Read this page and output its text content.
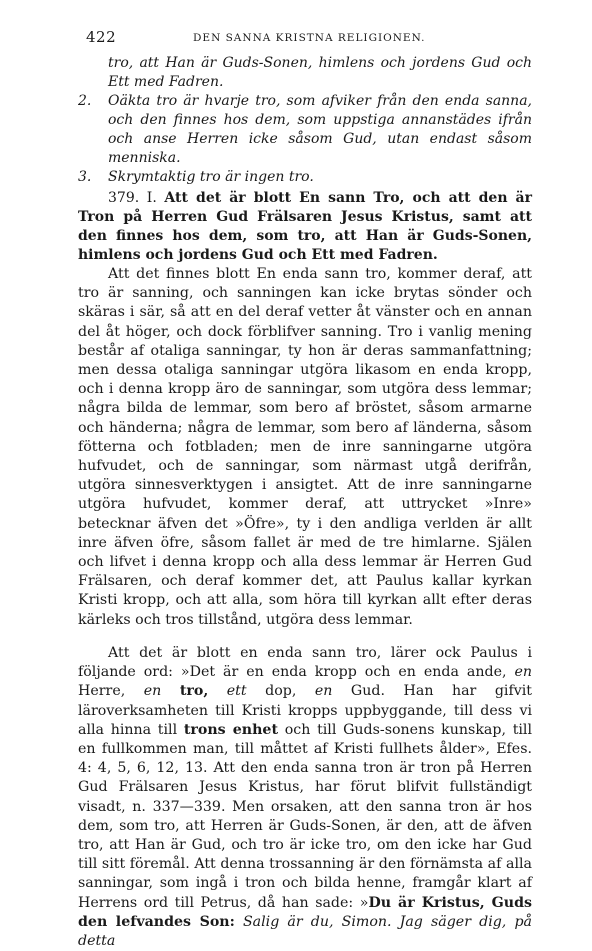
422	DEN SANNA KRISTNA RELIGIONEN.
tro, att Han är Guds-Sonen, himlens och jordens Gud och Ett med Fadren.
2. Oäkta tro är hvarje tro, som afviker från den enda sanna, och den finnes hos dem, som uppstiga annanstädes ifrån och anse Herren icke såsom Gud, utan endast såsom menniska.
3. Skrymtaktig tro är ingen tro.
379. I. Att det är blott En sann Tro, och att den är Tron på Herren Gud Frälsaren Jesus Kristus, samt att den finnes hos dem, som tro, att Han är Guds-Sonen, himlens och jordens Gud och Ett med Fadren.

Att det finnes blott En enda sann tro, kommer deraf, att tro är sanning, och sanningen kan icke brytas sönder och skäras i sär, så att en del deraf vetter åt vänster och en annan del åt höger, och dock förblifver sanning. Tro i vanlig mening består af otaliga sanningar, ty hon är deras sammanfattning; men dessa otaliga sanningar utgöra likasom en enda kropp, och i denna kropp äro de sanningar, som utgöra dess lemmar; några bilda de lemmar, som bero af bröstet, såsom armarne och händerna; några de lemmar, som bero af länderna, såsom fötterna och fotbladen; men de inre sanningarne utgöra hufvudet, och de sanningar, som närmast utgå derifrån, utgöra sinnesverktygen i ansigtet. Att de inre sanningarne utgöra hufvudet, kommer deraf, att uttrycket »Inre» betecknar äfven det »Öfre», ty i den andliga verlden är allt inre äfven öfre, såsom fallet är med de tre himlarne. Själen och lifvet i denna kropp och alla dess lemmar är Herren Gud Frälsaren, och deraf kommer det, att Paulus kallar kyrkan Kristi kropp, och att alla, som höra till kyrkan allt efter deras kärleks och tros tillstånd, utgöra dess lemmar.

Att det är blott en enda sann tro, lärer ock Paulus i följande ord: »Det är en enda kropp och en enda ande, en Herre, en tro, ett dop, en Gud. Han har gifvit läroverksamheten till Kristi kropps uppbyggande, till dess vi alla hinna till trons enhet och till Guds-sonens kunskap, till en fullkommen man, till måttet af Kristi fullhets ålder», Efes. 4: 4, 5, 6, 12, 13. Att den enda sanna tron är tron på Herren Gud Frälsaren Jesus Kristus, har förut blifvit fullständigt visadt, n. 337—339. Men orsaken, att den sanna tron är hos dem, som tro, att Herren är Guds-Sonen, är den, att de äfven tro, att Han är Gud, och tro är icke tro, om den icke har Gud till sitt föremål. Att denna trossanning är den förnämsta af alla sanningar, som ingå i tron och bilda henne, framgår klart af Herrens ord till Petrus, då han sade: »Du är Kristus, Guds den lefvandes Son: Salig är du, Simon. Jag säger dig, på detta
